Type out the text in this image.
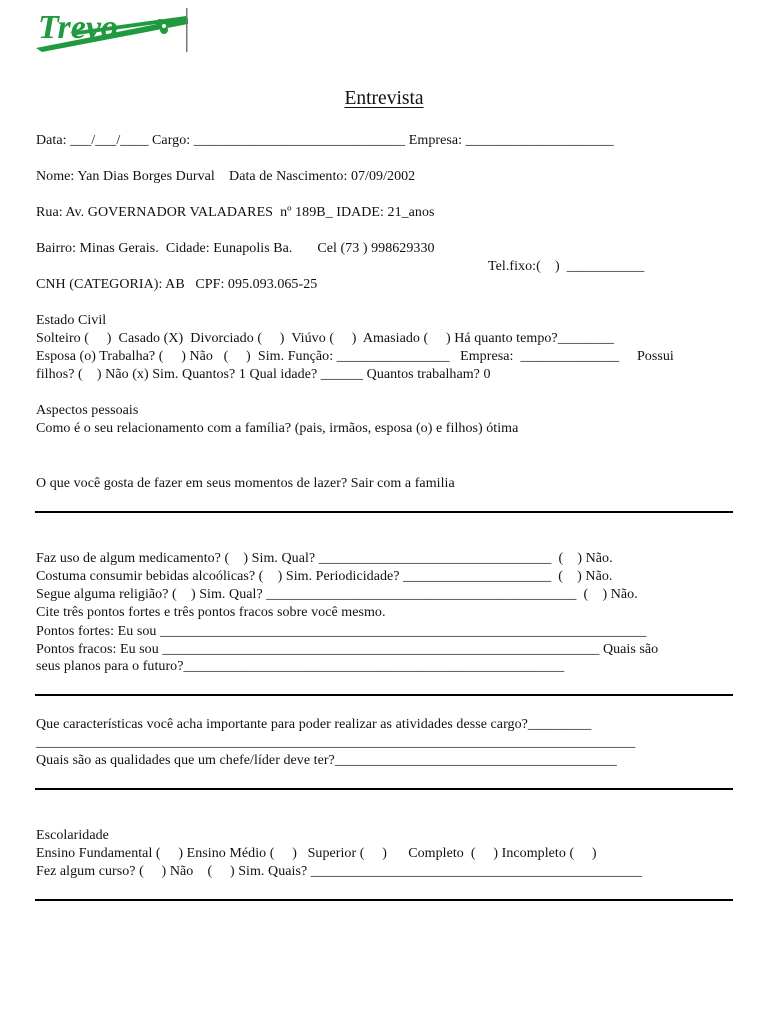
Trevo
Entrevista
Data: ___/___/____ Cargo: ______________________________ Empresa: _____________________
Nome: Yan Dias Borges Durval    Data de Nascimento: 07/09/2002
Rua: Av. GOVERNADOR VALADARES  nº 189B_ IDADE: 21_anos
Bairro: Minas Gerais.  Cidade: Eunapolis Ba.       Cel (73 ) 998629330
Tel.fixo:(    )  ___________
CNH (CATEGORIA): AB   CPF: 095.093.065-25
Estado Civil
Solteiro (     )  Casado (X)  Divorciado (     )  Viúvo (     )  Amasiado (     ) Há quanto tempo?________
Esposa (o) Trabalha? (     ) Não   (     )  Sim. Função: ________________   Empresa:  ______________     Possui
filhos? (    ) Não (x) Sim. Quantos? 1 Qual idade? ______ Quantos trabalham? 0
Aspectos pessoais
Como é o seu relacionamento com a família? (pais, irmãos, esposa (o) e filhos) ótima
O que você gosta de fazer em seus momentos de lazer? Sair com a familia
Faz uso de algum medicamento? (    ) Sim. Qual? _________________________________  (    ) Não.
Costuma consumir bebidas alcoólicas? (    ) Sim. Periodicidade? _____________________  (    ) Não.
Segue alguma religião? (    ) Sim. Qual? ____________________________________________  (    ) Não.
Cite três pontos fortes e três pontos fracos sobre você mesmo.
Pontos fortes: Eu sou _____________________________________________________________________
Pontos fracos: Eu sou ______________________________________________________________ Quais são
seus planos para o futuro?______________________________________________________
Que características você acha importante para poder realizar as atividades desse cargo?_________
_____________________________________________________________________________________
Quais são as qualidades que um chefe/líder deve ter?________________________________________
Escolaridade
Ensino Fundamental (     ) Ensino Médio (     )   Superior (     )      Completo  (     ) Incompleto (     )
Fez algum curso? (     ) Não    (     ) Sim. Quais? _______________________________________________
